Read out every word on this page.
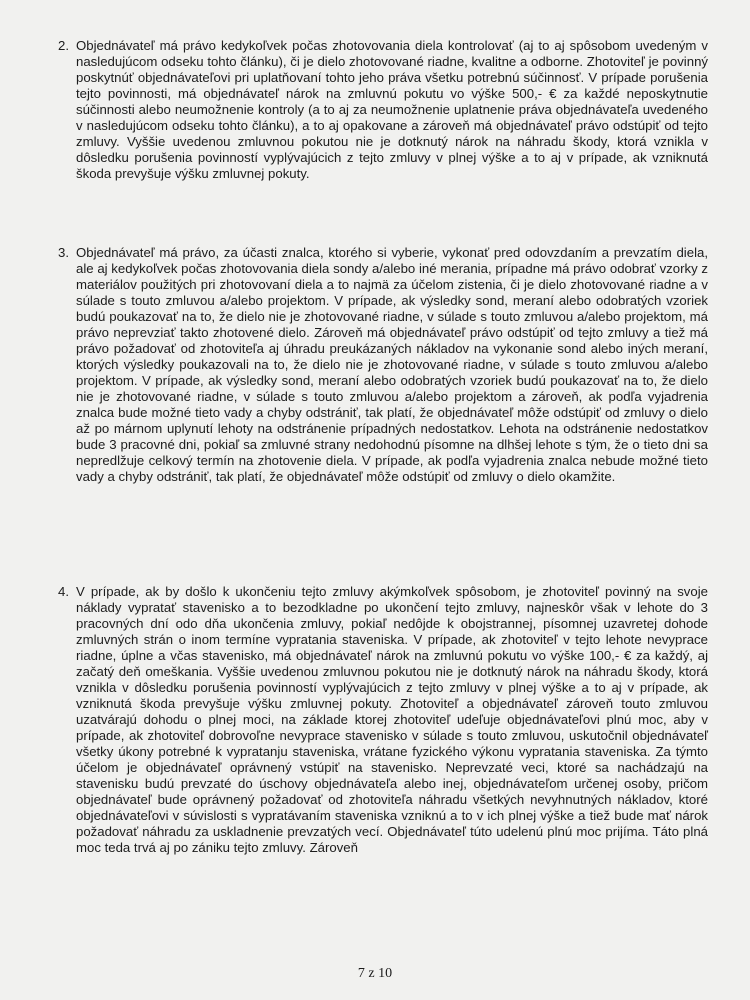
2. Objednávateľ má právo kedykoľvek počas zhotovovania diela kontrolovať (aj to aj spôsobom uvedeným v nasledujúcom odseku tohto článku), či je dielo zhotovované riadne, kvalitne a odborne. Zhotoviteľ je povinný poskytnúť objednávateľovi pri uplatňovaní tohto jeho práva všetku potrebnú súčinnosť. V prípade porušenia tejto povinnosti, má objednávateľ nárok na zmluvnú pokutu vo výške 500,- € za každé neposkytnutie súčinnosti alebo neumožnenie kontroly (a to aj za neumožnenie uplatnenie práva objednávateľa uvedeného v nasledujúcom odseku tohto článku), a to aj opakovane a zároveň má objednávateľ právo odstúpiť od tejto zmluvy. Vyššie uvedenou zmluvnou pokutou nie je dotknutý nárok na náhradu škody, ktorá vznikla v dôsledku porušenia povinností vyplývajúcich z tejto zmluvy v plnej výške a to aj v prípade, ak vzniknutá škoda prevyšuje výšku zmluvnej pokuty.
3. Objednávateľ má právo, za účasti znalca, ktorého si vyberie, vykonať pred odovzdaním a prevzatím diela, ale aj kedykoľvek počas zhotovovania diela sondy a/alebo iné merania, prípadne má právo odobrať vzorky z materiálov použitých pri zhotovovaní diela a to najmä za účelom zistenia, či je dielo zhotovované riadne a v súlade s touto zmluvou a/alebo projektom. V prípade, ak výsledky sond, meraní alebo odobratých vzoriek budú poukazovať na to, že dielo nie je zhotovované riadne, v súlade s touto zmluvou a/alebo projektom, má právo neprevziať takto zhotovené dielo. Zároveň má objednávateľ právo odstúpiť od tejto zmluvy a tiež má právo požadovať od zhotoviteľa aj úhradu preukázaných nákladov na vykonanie sond alebo iných meraní, ktorých výsledky poukazovali na to, že dielo nie je zhotovované riadne, v súlade s touto zmluvou a/alebo projektom. V prípade, ak výsledky sond, meraní alebo odobratých vzoriek budú poukazovať na to, že dielo nie je zhotovované riadne, v súlade s touto zmluvou a/alebo projektom a zároveň, ak podľa vyjadrenia znalca bude možné tieto vady a chyby odstrániť, tak platí, že objednávateľ môže odstúpiť od zmluvy o dielo až po márnom uplynutí lehoty na odstránenie prípadných nedostatkov. Lehota na odstránenie nedostatkov bude 3 pracovné dni, pokiaľ sa zmluvné strany nedohodnú písomne na dlhšej lehote s tým, že o tieto dni sa nepredlžuje celkový termín na zhotovenie diela. V prípade, ak podľa vyjadrenia znalca nebude možné tieto vady a chyby odstrániť, tak platí, že objednávateľ môže odstúpiť od zmluvy o dielo okamžite.
4. V prípade, ak by došlo k ukončeniu tejto zmluvy akýmkoľvek spôsobom, je zhotoviteľ povinný na svoje náklady vypratať stavenisko a to bezodkladne po ukončení tejto zmluvy, najneskôr však v lehote do 3 pracovných dní odo dňa ukončenia zmluvy, pokiaľ nedôjde k obojstrannej, písomnej uzavretej dohode zmluvných strán o inom termíne vypratania staveniska. V prípade, ak zhotoviteľ v tejto lehote nevyprace riadne, úplne a včas stavenisko, má objednávateľ nárok na zmluvnú pokutu vo výške 100,- € za každý, aj začatý deň omeškania. Vyššie uvedenou zmluvnou pokutou nie je dotknutý nárok na náhradu škody, ktorá vznikla v dôsledku porušenia povinností vyplývajúcich z tejto zmluvy v plnej výške a to aj v prípade, ak vzniknutá škoda prevyšuje výšku zmluvnej pokuty. Zhotoviteľ a objednávateľ zároveň touto zmluvou uzatvárajú dohodu o plnej moci, na základe ktorej zhotoviteľ udeľuje objednávateľovi plnú moc, aby v prípade, ak zhotoviteľ dobrovoľne nevyprace stavenisko v súlade s touto zmluvou, uskutočnil objednávateľ všetky úkony potrebné k vypratanju staveniska, vrátane fyzického výkonu vypratania staveniska. Za týmto účelom je objednávateľ oprávnený vstúpiť na stavenisko. Neprevzaté veci, ktoré sa nachádzajú na stavenisku budú prevzaté do úschovy objednávateľa alebo inej, objednávateľom určenej osoby, pričom objednávateľ bude oprávnený požadovať od zhotoviteľa náhradu všetkých nevyhnutných nákladov, ktoré objednávateľovi v súvislosti s vypratávaním staveniska vzniknú a to v ich plnej výške a tiež bude mať nárok požadovať náhradu za uskladnenie prevzatých vecí. Objednávateľ túto udelenú plnú moc prijíma. Táto plná moc teda trvá aj po zániku tejto zmluvy. Zároveň
7 z 10
